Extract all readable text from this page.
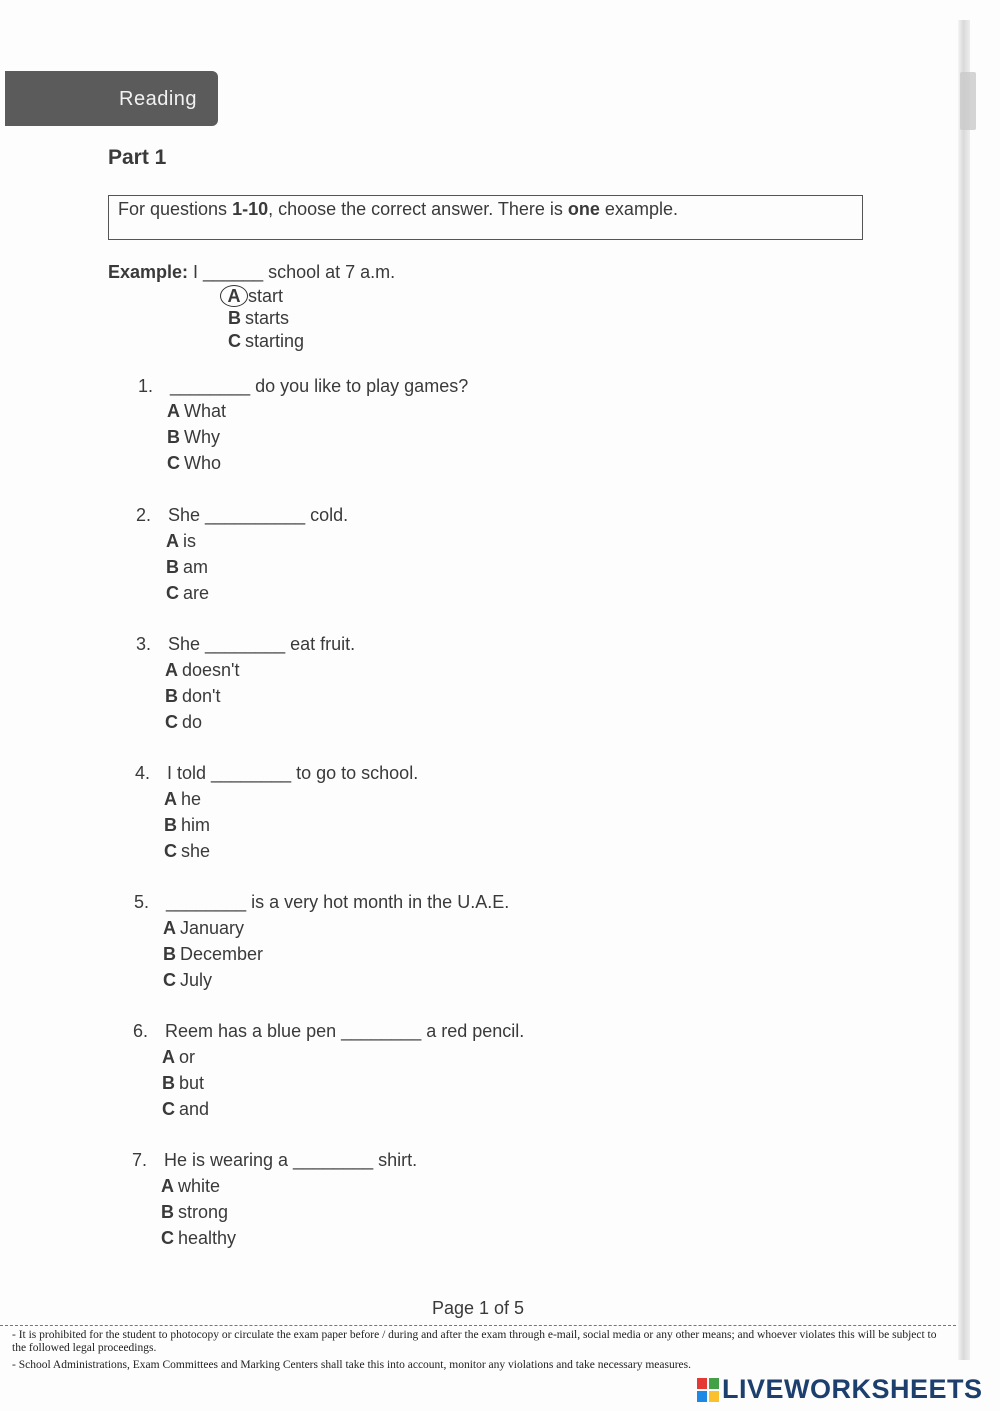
Reading
Part 1
For questions 1-10, choose the correct answer. There is one example.
Example: I ______ school at 7 a.m.
A start
B starts
C starting
1. ________ do you like to play games?
A What
B Why
C Who
2. She __________ cold.
A is
B am
C are
3. She ________ eat fruit.
A doesn't
B don't
C do
4. I told ________ to go to school.
A he
B him
C she
5. ________ is a very hot month in the U.A.E.
A January
B December
C July
6. Reem has a blue pen ________ a red pencil.
A or
B but
C and
7. He is wearing a ________ shirt.
A white
B strong
C healthy
Page 1 of 5
- It is prohibited for the student to photocopy or circulate the exam paper before / during and after the exam through e-mail, social media or any other means; and whoever violates this will be subject to the followed legal proceedings.
- School Administrations, Exam Committees and Marking Centers shall take this into account, monitor any violations and take necessary measures.
LIVEWORKSHEETS
